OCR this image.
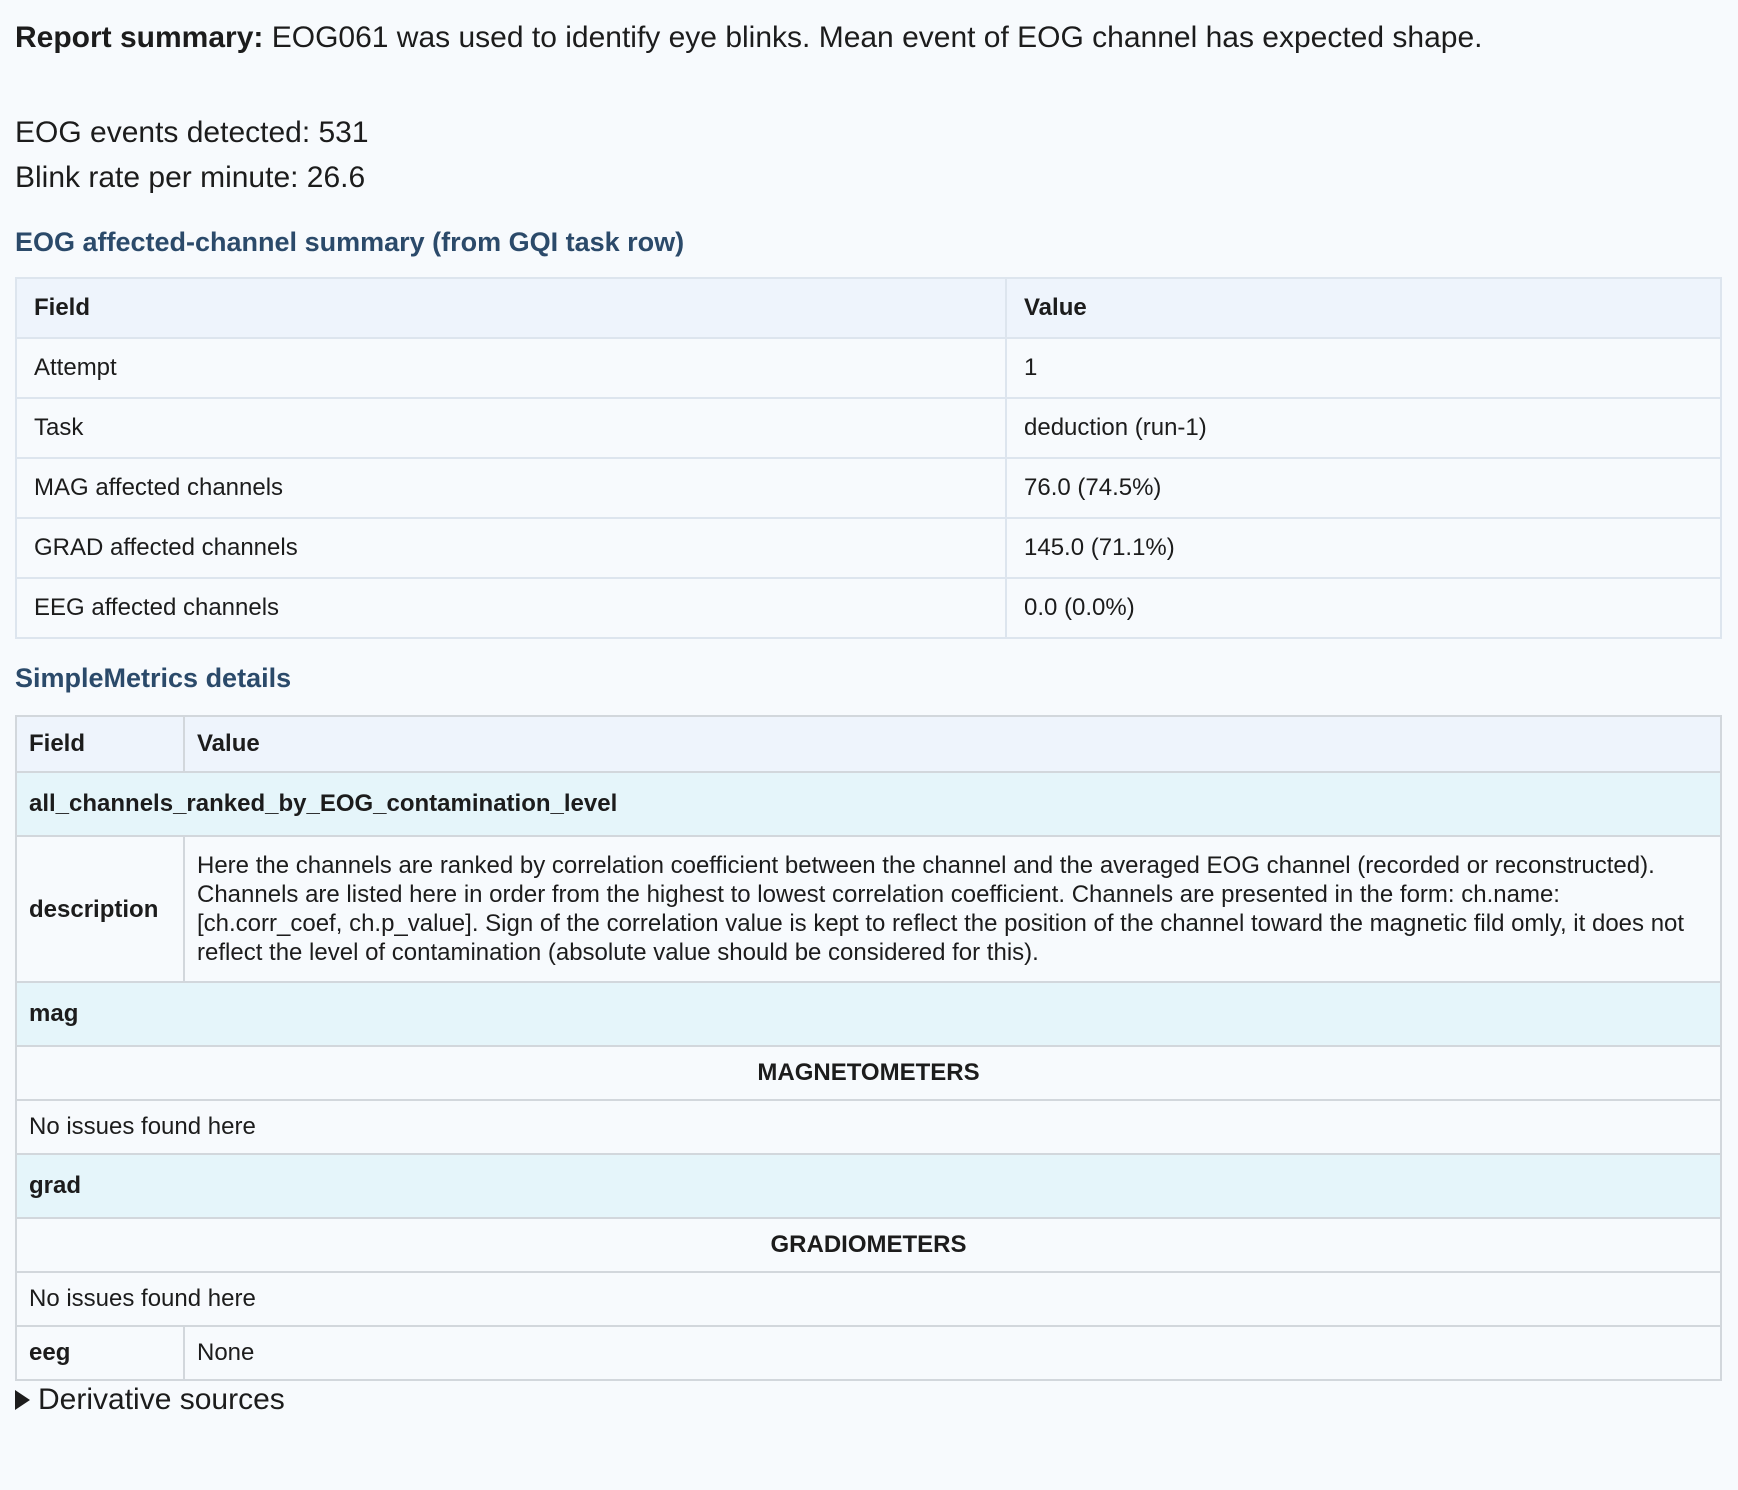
Report summary: EOG061 was used to identify eye blinks. Mean event of EOG channel has expected shape.

EOG events detected: 531
Blink rate per minute: 26.6
EOG affected-channel summary (from GQI task row)
Field	Value
Attempt	1
Task	deduction (run-1)
MAG affected channels	76.0 (74.5%)
GRAD affected channels	145.0 (71.1%)
EEG affected channels	0.0 (0.0%)
SimpleMetrics details
Field	Value
all_channels_ranked_by_EOG_contamination_level	
description	Here the channels are ranked by correlation coefficient between the channel and the averaged EOG channel (recorded or reconstructed). Channels are listed here in order from the highest to lowest correlation coefficient. Channels are presented in the form: ch.name: [ch.corr_coef, ch.p_value]. Sign of the correlation value is kept to reflect the position of the channel toward the magnetic fild omly, it does not reflect the level of contamination (absolute value should be considered for this).
mag	
MAGNETOMETERS	
No issues found here	
grad	
GRADIOMETERS	
No issues found here	
eeg	None
Derivative sources
